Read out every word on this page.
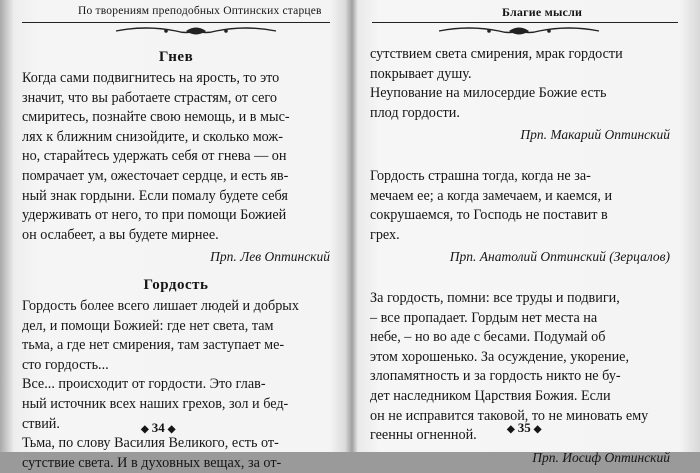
По творениям преподобных Оптинских старцев
Гнев
Когда сами подвигнитесь на ярость, то это
значит, что вы работаете страстям, от сего
смиритесь, познайте свою немощь, и в мыс-
лях к ближним снизойдите, и сколько мож-
но, старайтесь удержать себя от гнева — он
помрачает ум, ожесточает сердце, и есть яв-
ный знак гордыни. Если помалу будете себя
удерживать от него, то при помощи Божией
он ослабеет, а вы будете мирнее.
Прп. Лев Оптинский
Гордость
Гордость более всего лишает людей и добрых
дел, и помощи Божией: где нет света, там
тьма, а где нет смирения, там заступает ме-
сто гордость...
Все... происходит от гордости. Это глав-
ный источник всех наших грехов, зол и бед-
ствий.
Тьма, по слову Василия Великого, есть от-
сутствие света. И в духовных вещах, за от-
◆ 34 ◆
Благие мысли
сутствием света смирения, мрак гордости
покрывает душу.
Неупование на милосердие Божие есть
плод гордости.
Прп. Макарий Оптинский
Гордость страшна тогда, когда не за-
мечаем ее; а когда замечаем, и каемся, и
сокрушаемся, то Господь не поставит в
грех.
Прп. Анатолий Оптинский (Зерцалов)
За гордость, помни: все труды и подвиги,
– все пропадает. Гордым нет места на
небе, – но во аде с бесами. Подумай об
этом хорошенько. За осуждение, укорение,
злопамятность и за гордость никто не бу-
дет наследником Царствия Божия. Если
он не исправится таковой, то не миновать ему
геенны огненной.
Прп. Иосиф Оптинский
◆ 35 ◆
